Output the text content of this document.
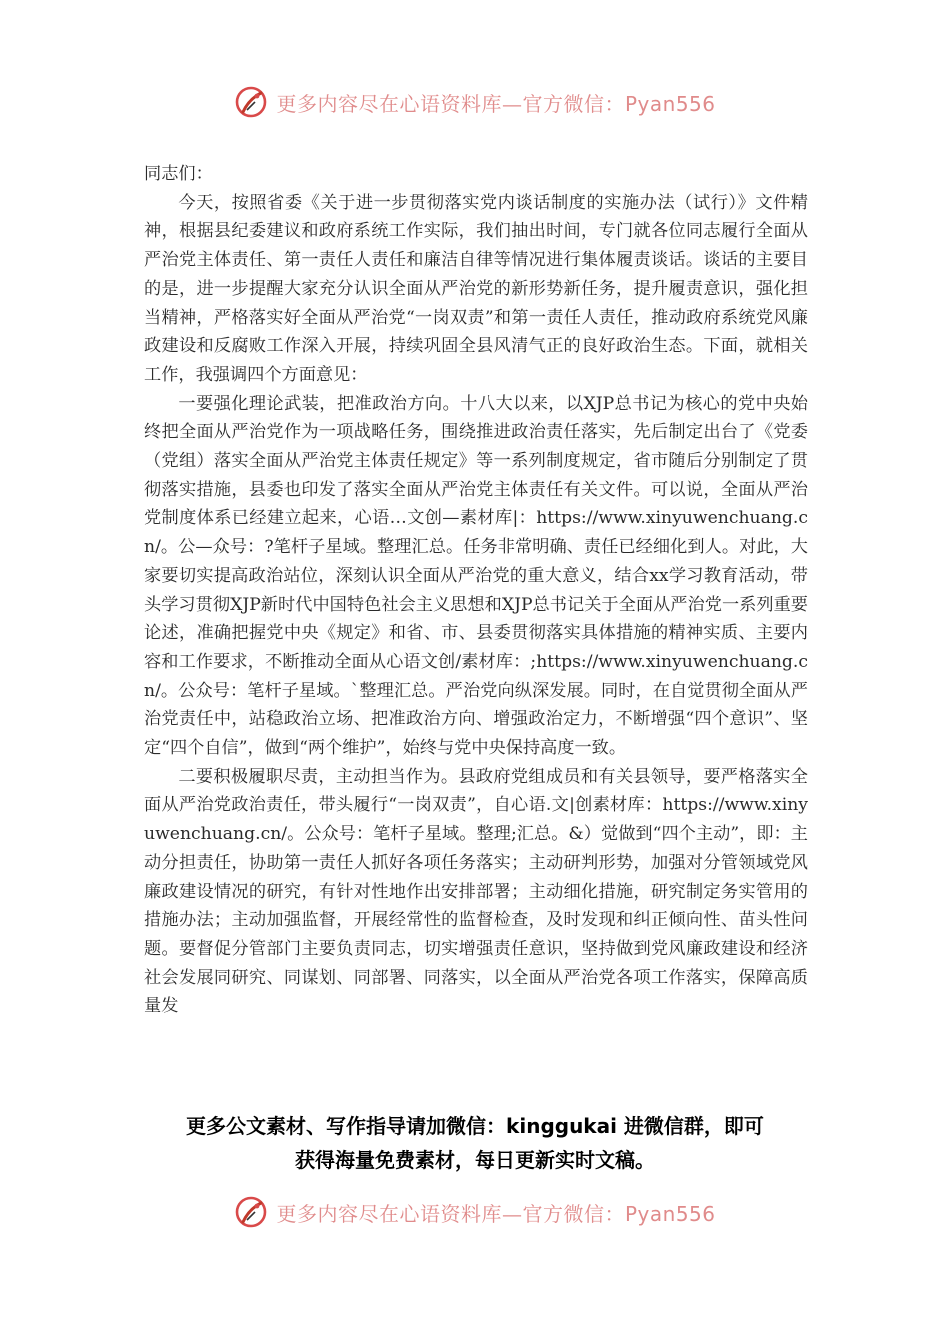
更多内容尽在心语资料库—官方微信：Pyan556

同志们：

今天，按照省委《关于进一步贯彻落实党内谈话制度的实施办法（试行）》文件精神，根据县纪委建议和政府系统工作实际，我们抽出时间，专门就各位同志履行全面从严治党主体责任、第一责任人责任和廉洁自律等情况进行集体履责谈话。谈话的主要目的是，进一步提醒大家充分认识全面从严治党的新形势新任务，提升履责意识，强化担当精神，严格落实好全面从严治党“一岗双责”和第一责任人责任，推动政府系统党风廉政建设和反腐败工作深入开展，持续巩固全县风清气正的良好政治生态。下面，就相关工作，我强调四个方面意见：

一要强化理论武装，把准政治方向。十八大以来，以XJP总书记为核心的党中央始终把全面从严治党作为一项战略任务，围绕推进政治责任落实，先后制定出台了《党委（党组）落实全面从严治党主体责任规定》等一系列制度规定，省市随后分别制定了贯彻落实措施，县委也印发了落实全面从严治党主体责任有关文件。可以说，全面从严治党制度体系已经建立起来，心语…文创—素材库|：https://www.xinyuwenchuang.cn/。公—众号：?笔杆子星域。整理汇总。任务非常明确、责任已经细化到人。对此，大家要切实提高政治站位，深刻认识全面从严治党的重大意义，结合xx学习教育活动，带头学习贯彻XJP新时代中国特色社会主义思想和XJP总书记关于全面从严治党一系列重要论述，准确把握党中央《规定》和省、市、县委贯彻落实具体措施的精神实质、主要内容和工作要求，不断推动全面从心语文创/素材库：;https://www.xinyuwenchuang.cn/。公众号：笔杆子星域。`整理汇总。严治党向纵深发展。同时，在自觉贯彻全面从严治党责任中，站稳政治立场、把准政治方向、增强政治定力，不断增强“四个意识”、坚定“四个自信”，做到“两个维护”，始终与党中央保持高度一致。

二要积极履职尽责，主动担当作为。县政府党组成员和有关县领导，要严格落实全面从严治党政治责任，带头履行“一岗双责”，自心语.文|创素材库：https://www.xinyuwenchuang.cn/。公众号：笔杆子星域。整理;汇总。&）觉做到“四个主动”，即：主动分担责任，协助第一责任人抓好各项任务落实；主动研判形势，加强对分管领域党风廉政建设情况的研究，有针对性地作出安排部署；主动细化措施，研究制定务实管用的措施办法；主动加强监督，开展经常性的监督检查，及时发现和纠正倾向性、苗头性问题。要督促分管部门主要负责同志，切实增强责任意识，坚持做到党风廉政建设和经济社会发展同研究、同谋划、同部署、同落实，以全面从严治党各项工作落实，保障高质量发

更多公文素材、写作指导请加微信：kinggukai 进微信群，即可
获得海量免费素材，每日更新实时文稿。
更多内容尽在心语资料库—官方微信：Pyan556
